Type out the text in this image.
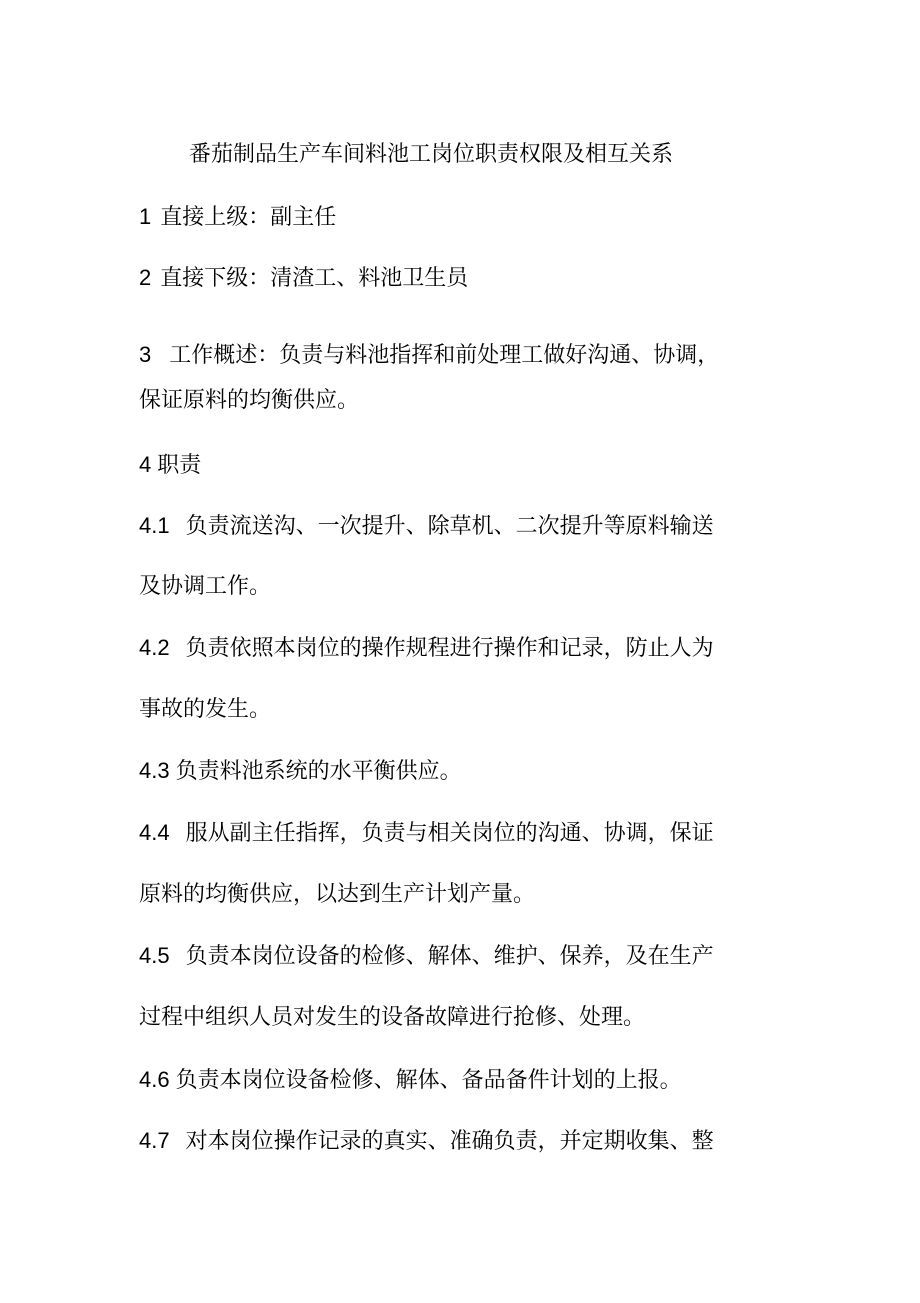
番茄制品生产车间料池工岗位职责权限及相互关系
1 直接上级：副主任
2 直接下级：清渣工、料池卫生员
3 工作概述：负责与料池指挥和前处理工做好沟通、协调，
保证原料的均衡供应。
4 职责
4.1 负责流送沟、一次提升、除草机、二次提升等原料输送
及协调工作。
4.2 负责依照本岗位的操作规程进行操作和记录，防止人为
事故的发生。
4.3 负责料池系统的水平衡供应。
4.4 服从副主任指挥，负责与相关岗位的沟通、协调，保证
原料的均衡供应，以达到生产计划产量。
4.5 负责本岗位设备的检修、解体、维护、保养，及在生产
过程中组织人员对发生的设备故障进行抢修、处理。
4.6 负责本岗位设备检修、解体、备品备件计划的上报。
4.7 对本岗位操作记录的真实、准确负责，并定期收集、整
